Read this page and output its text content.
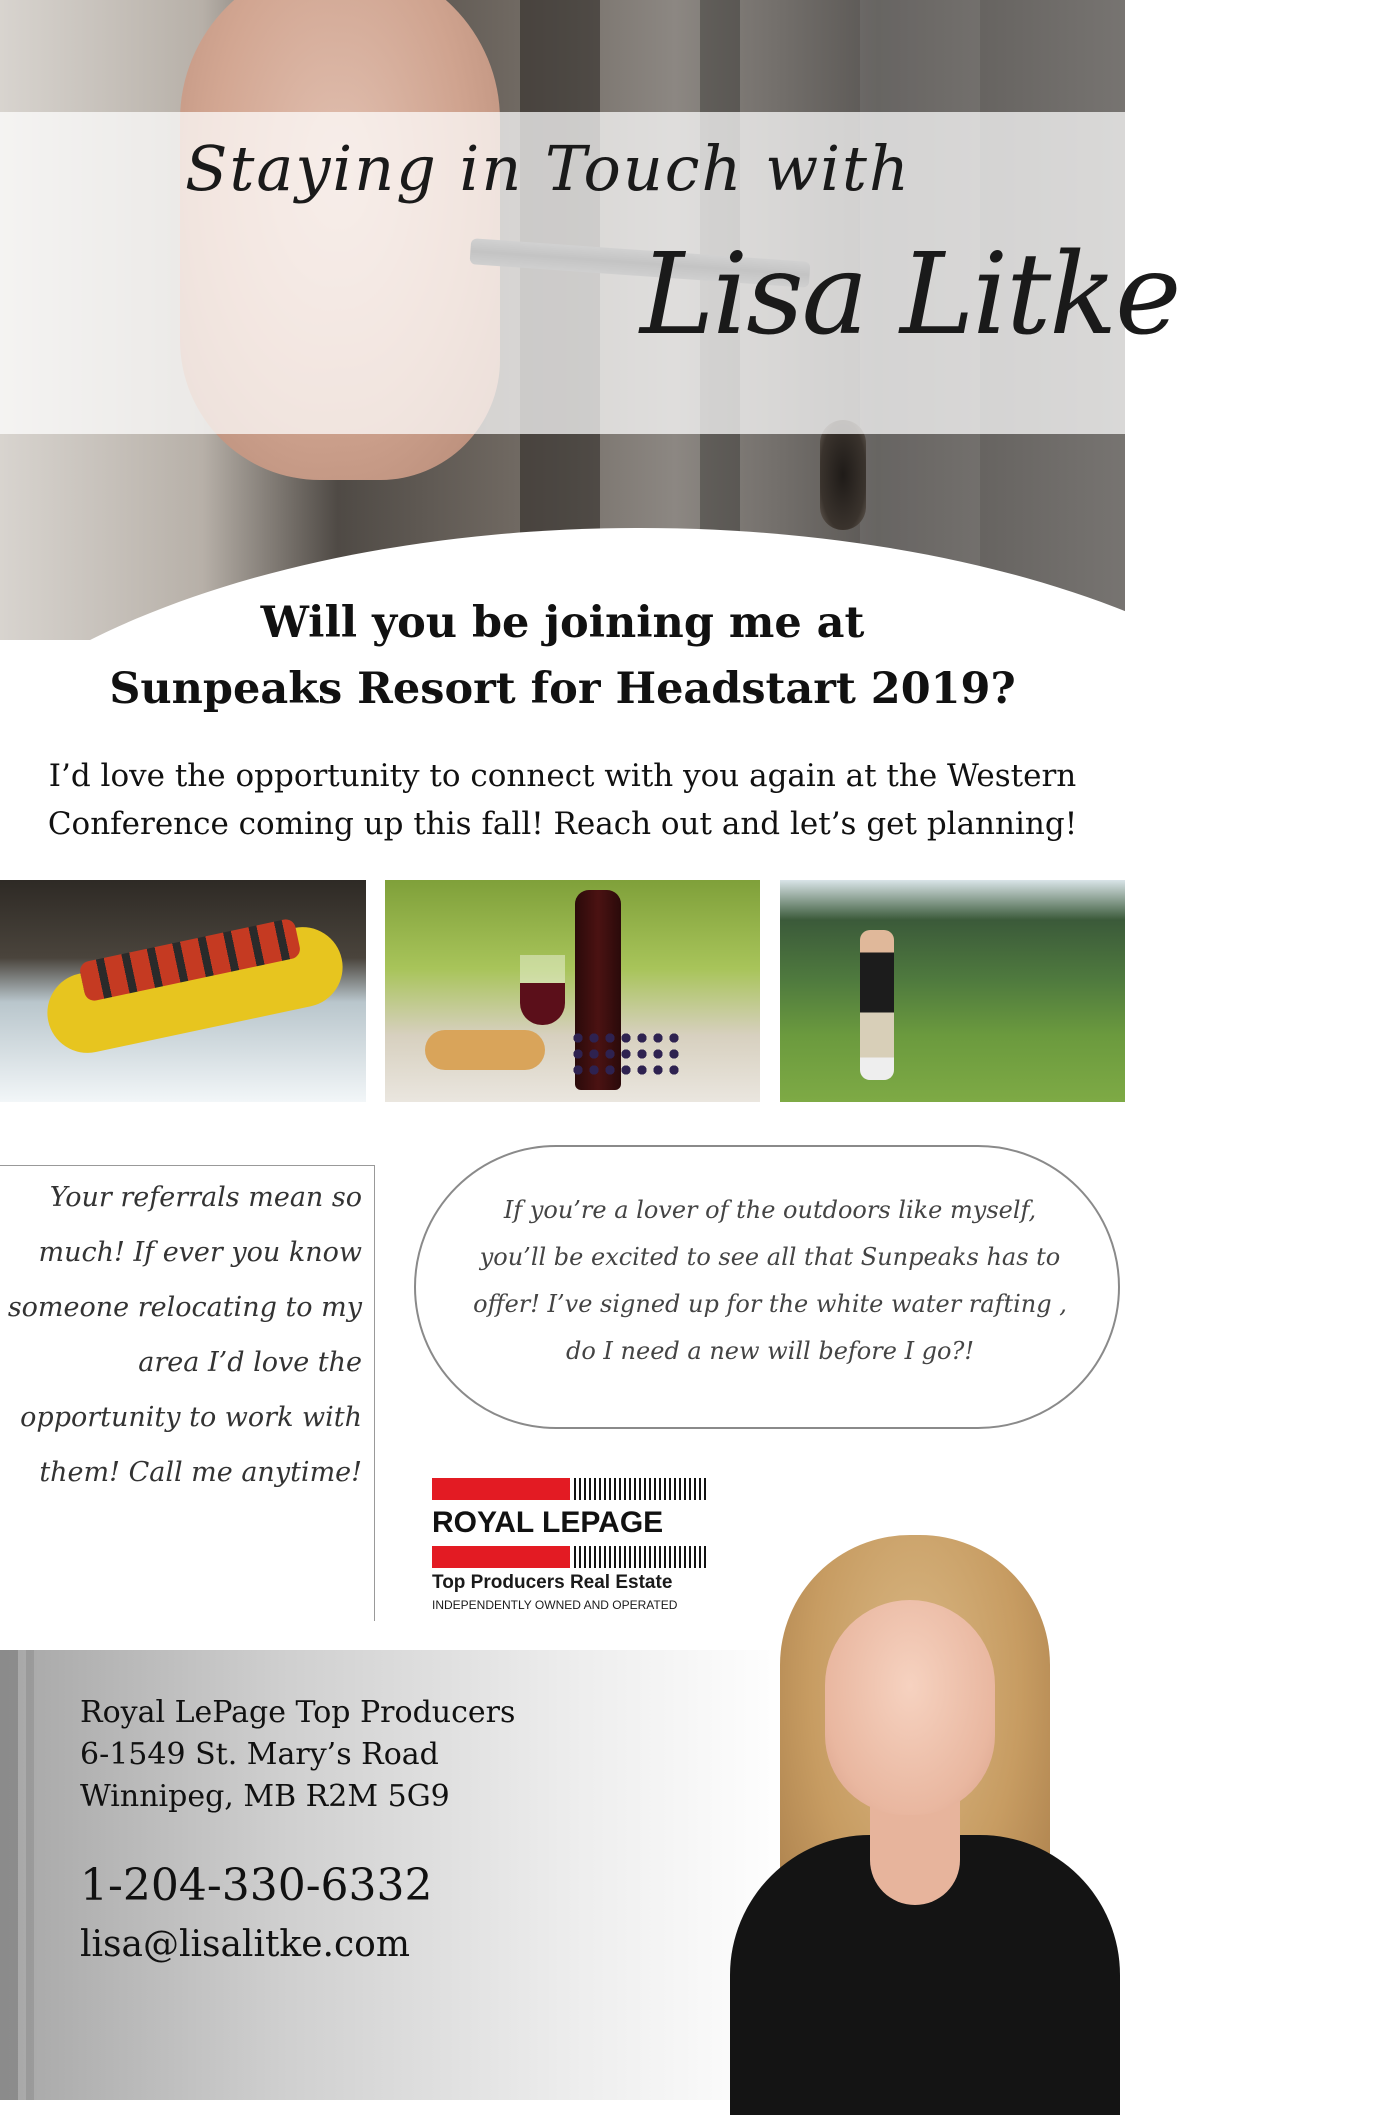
Staying in Touch with
Lisa Litke
Will you be joining me at
Sunpeaks Resort for Headstart 2019?
I’d love the opportunity to connect with you again at the Western
Conference coming up this fall! Reach out and let’s get planning!
Your referrals mean so
much! If ever you know
someone relocating to my
area I’d love the
opportunity to work with
them! Call me anytime!
If you’re a lover of the outdoors like myself,
you’ll be excited to see all that Sunpeaks has to
offer! I’ve signed up for the white water rafting ,
do I need a new will before I go?!
ROYAL LEPAGE
Top Producers Real Estate
INDEPENDENTLY OWNED AND OPERATED
Royal LePage Top Producers
6-1549 St. Mary’s Road
Winnipeg, MB R2M 5G9
1-204-330-6332
lisa@lisalitke.com
